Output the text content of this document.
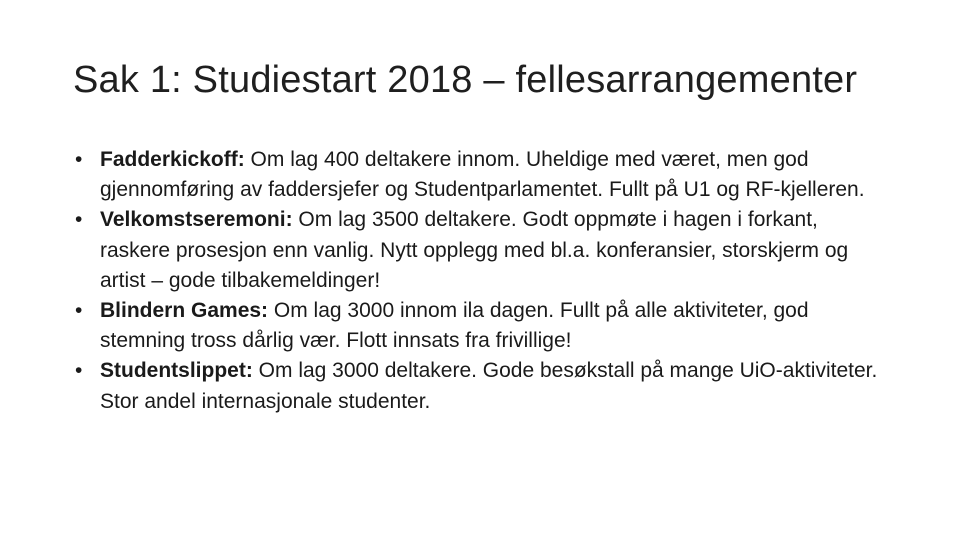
Sak 1: Studiestart 2018 – fellesarrangementer
• Fadderkickoff: Om lag 400 deltakere innom. Uheldige med været, men god gjennomføring av faddersjefer og Studentparlamentet. Fullt på U1 og RF-kjelleren.
• Velkomstseremoni: Om lag 3500 deltakere. Godt oppmøte i hagen i forkant, raskere prosesjon enn vanlig. Nytt opplegg med bl.a. konferansier, storskjerm og artist – gode tilbakemeldinger!
• Blindern Games: Om lag 3000 innom ila dagen. Fullt på alle aktiviteter, god stemning tross dårlig vær. Flott innsats fra frivillige!
• Studentslippet: Om lag 3000 deltakere. Gode besøkstall på mange UiO-aktiviteter. Stor andel internasjonale studenter.
